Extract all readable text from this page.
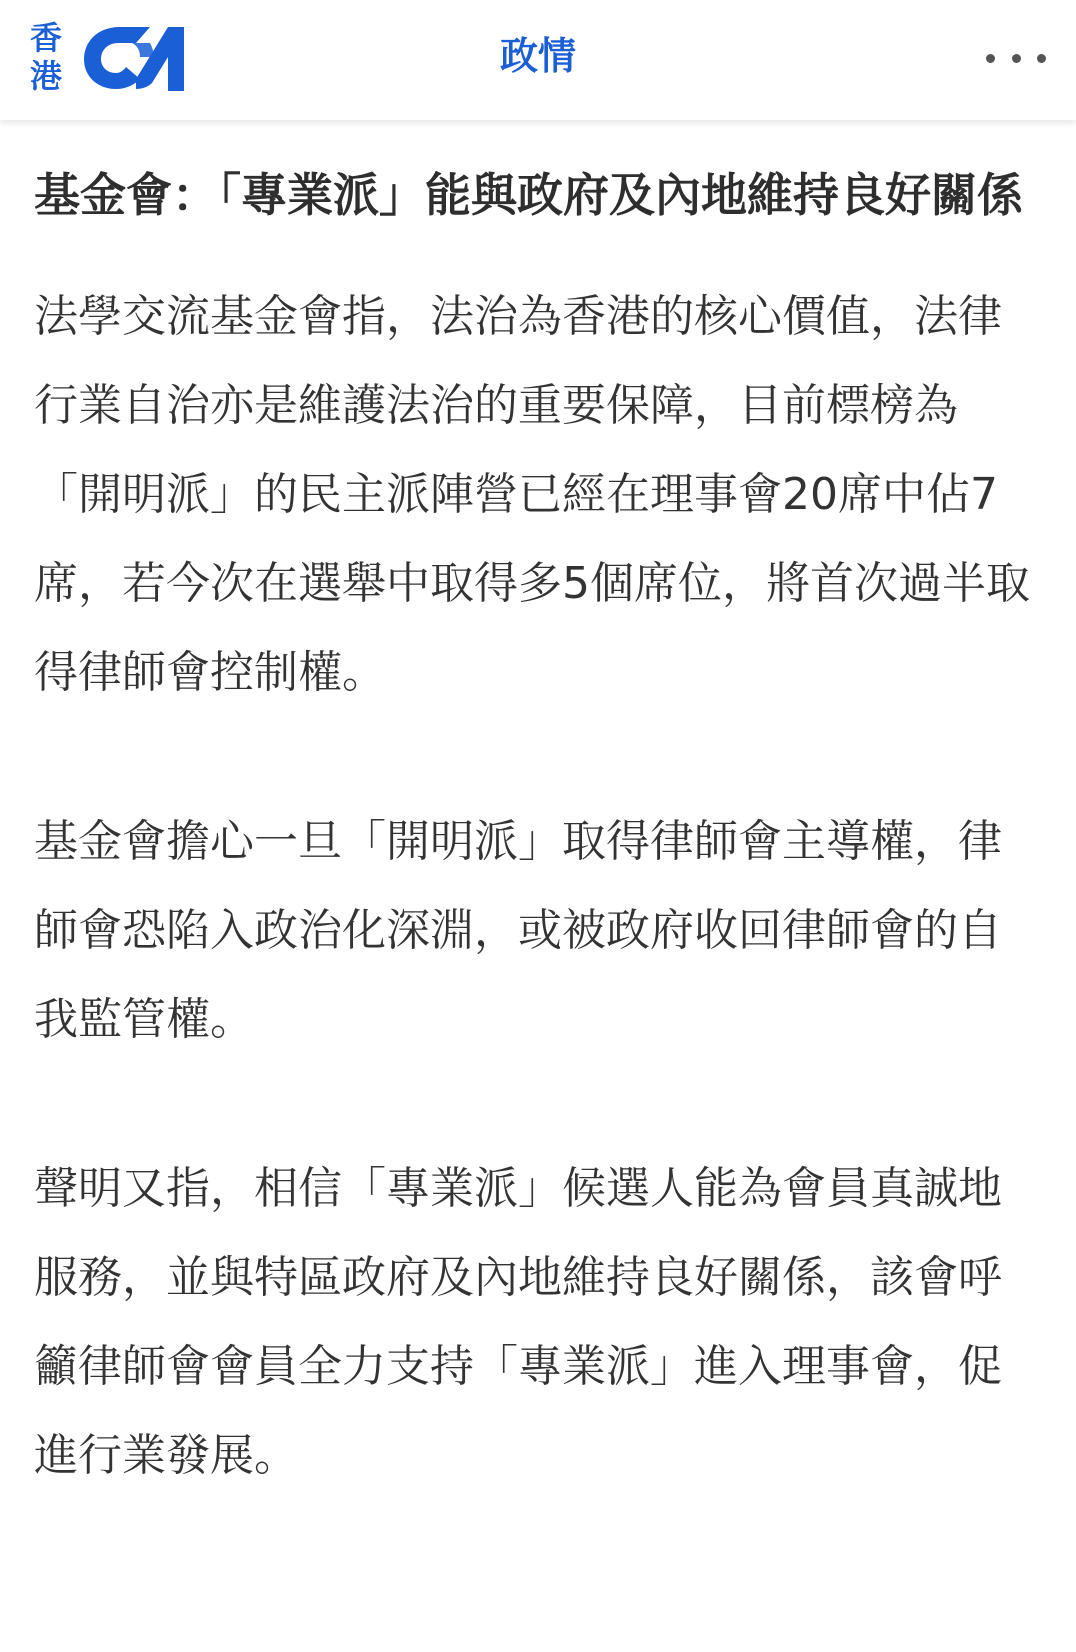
香
港	政情
基金會：「專業派」能與政府及內地維持良好關係

法學交流基金會指，法治為香港的核心價值，法律行業自治亦是維護法治的重要保障，目前標榜為「開明派」的民主派陣營已經在理事會20席中佔7席，若今次在選舉中取得多5個席位，將首次過半取得律師會控制權。

基金會擔心一旦「開明派」取得律師會主導權，律師會恐陷入政治化深淵，或被政府收回律師會的自我監管權。

聲明又指，相信「專業派」候選人能為會員真誠地服務，並與特區政府及內地維持良好關係，該會呼籲律師會會員全力支持「專業派」進入理事會，促進行業發展。
